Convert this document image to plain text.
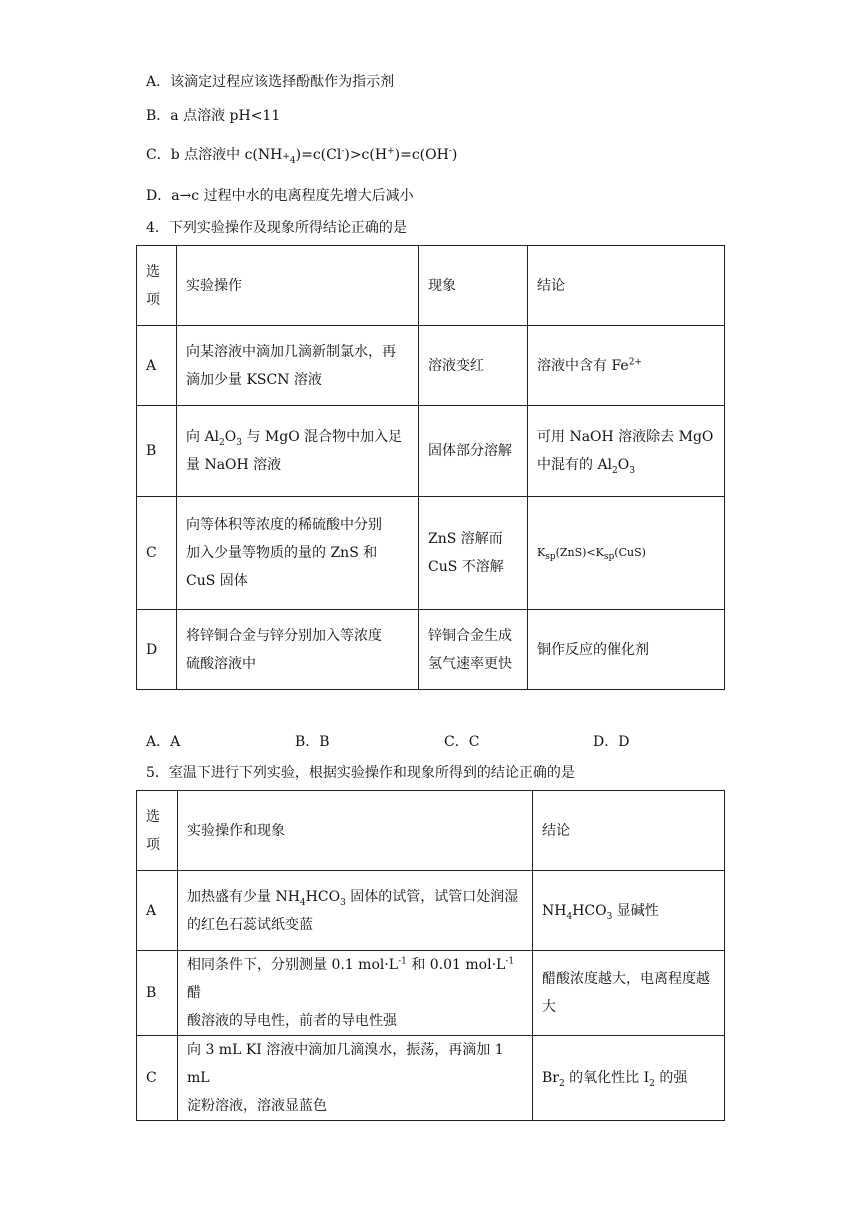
A．该滴定过程应该选择酚酞作为指示剂
B．a 点溶液 pH<11
C．b 点溶液中 $c(NH_{^+4})=c(Cl^-)>c(H^+)=c(OH^-)$
D．a→c 过程中水的电离程度先增大后减小
4．下列实验操作及现象所得结论正确的是
选
项	实验操作	现象	结论
A	向某溶液中滴加几滴新制氯水，再
滴加少量 KSCN 溶液	溶液变红	溶液中含有 $Fe^{2+}$
B	向 $Al_2O_3$ 与 MgO 混合物中加入足
量 NaOH 溶液	固体部分溶解	可用 NaOH 溶液除去 MgO
中混有的 $Al_2O_3$
C	向等体积等浓度的稀硫酸中分别
加入少量等物质的量的 ZnS 和
CuS 固体	ZnS 溶解而
CuS 不溶解	$K_{sp}(ZnS)<K_{sp}(CuS)$
D	将锌铜合金与锌分别加入等浓度
硫酸溶液中	锌铜合金生成
氢气速率更快	铜作反应的催化剂
A．A	B．B	C．C	D．D
5．室温下进行下列实验，根据实验操作和现象所得到的结论正确的是
选
项	实验操作和现象	结论
A	加热盛有少量 $NH_4HCO_3$ 固体的试管，试管口处润湿
的红色石蕊试纸变蓝	$NH_4HCO_3$ 显碱性
B	相同条件下，分别测量 0.1 $mol\cdot L^{-1}$ 和 0.01 $mol\cdot L^{-1}$ 醋
酸溶液的导电性，前者的导电性强	醋酸浓度越大，电离程度越
大
C	向 3 mL KI 溶液中滴加几滴溴水，振荡，再滴加 1 mL
淀粉溶液，溶液显蓝色	$Br_2$ 的氧化性比 $I_2$ 的强
